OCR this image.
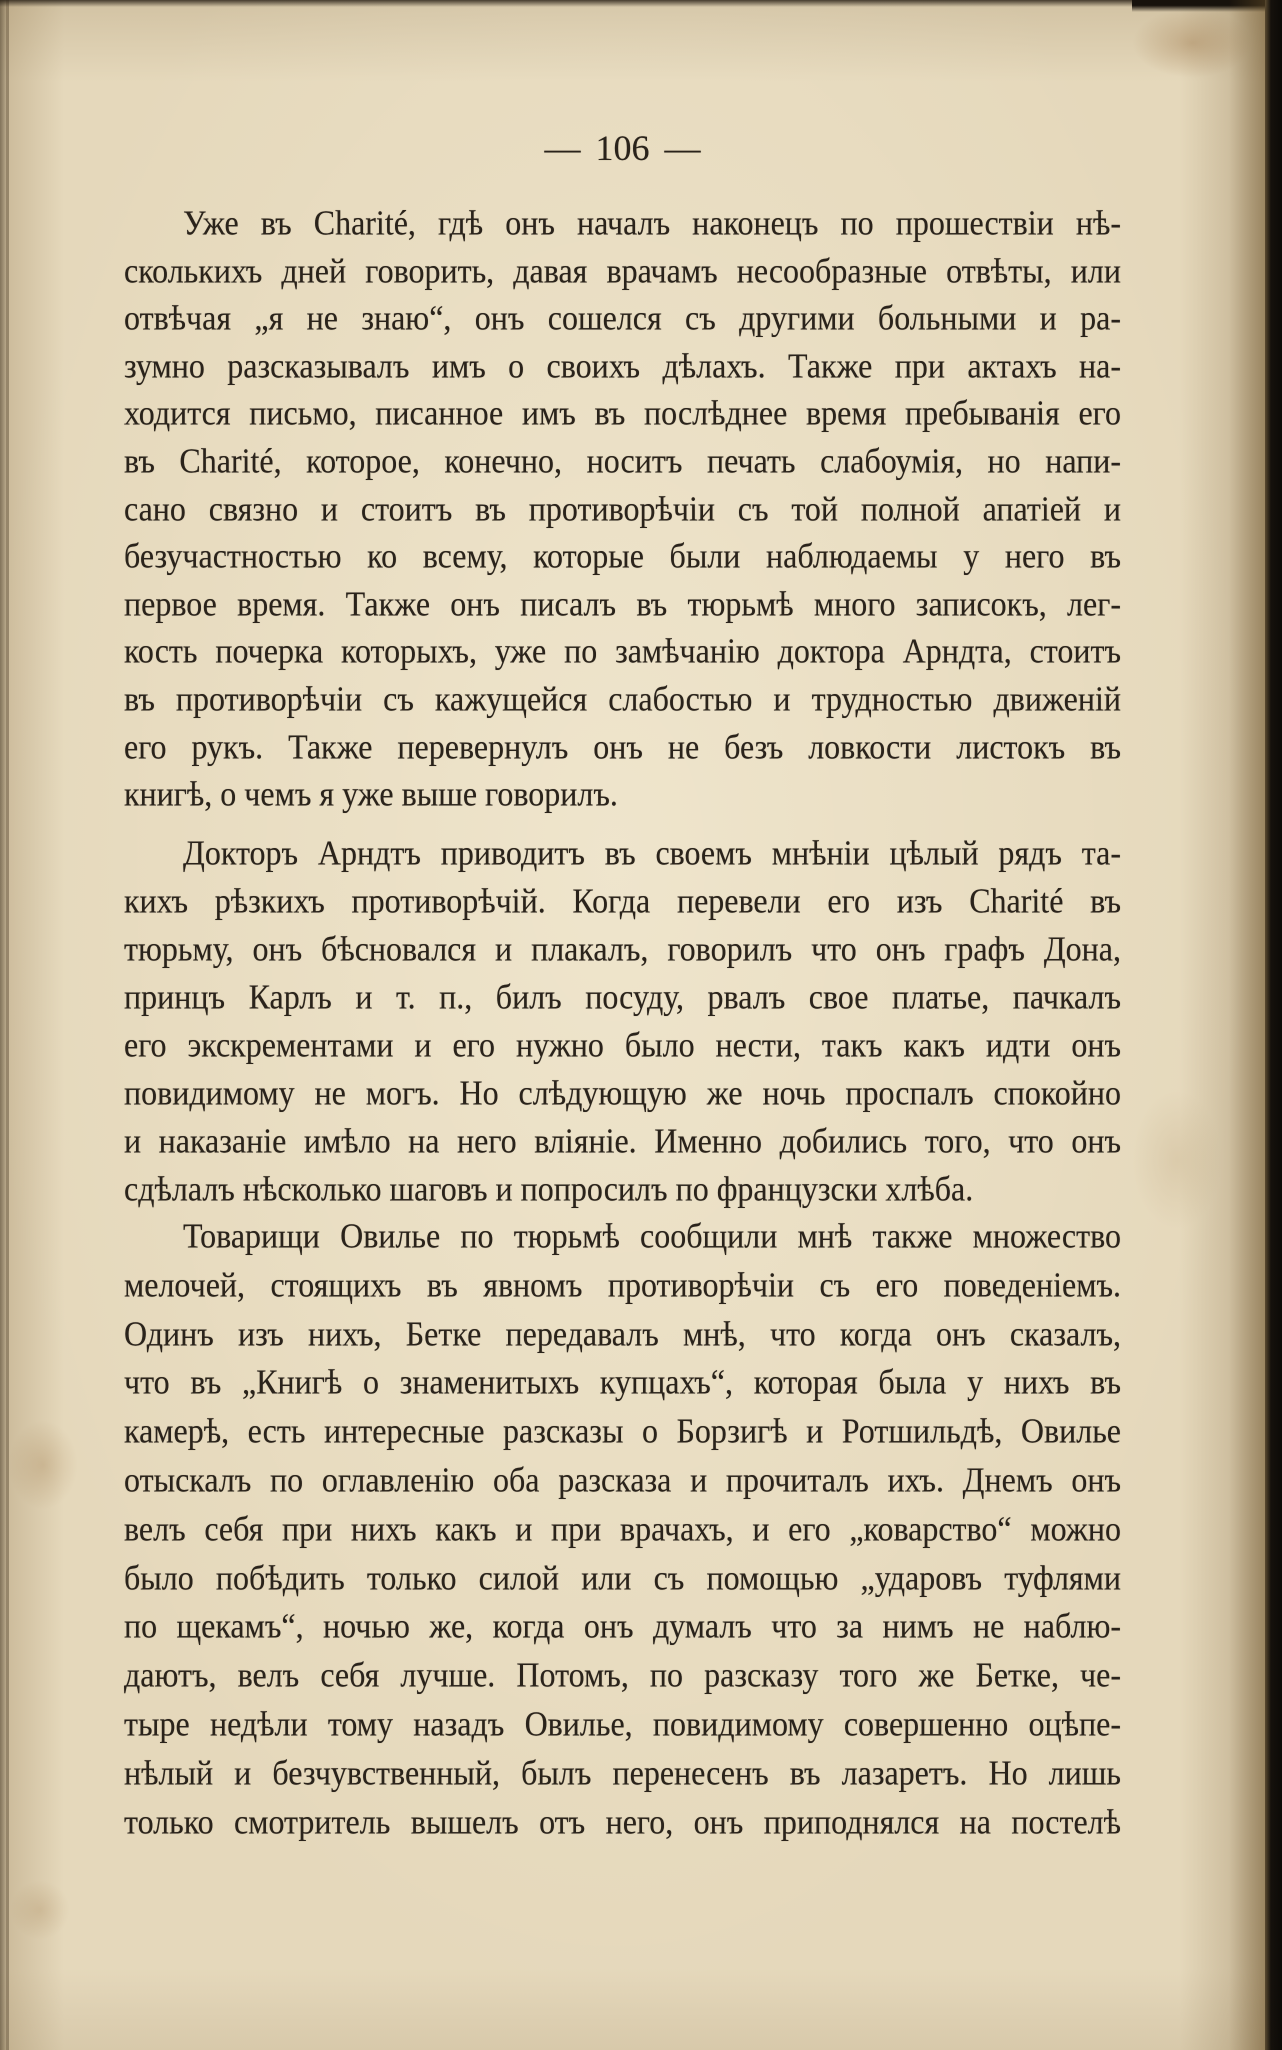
— 106 —
Уже въ Charité, гдѣ онъ началъ наконецъ по прошествіи нѣ-
сколькихъ дней говорить, давая врачамъ несообразные отвѣты, или
отвѣчая „я не знаю“, онъ сошелся съ другими больными и ра-
зумно разсказывалъ имъ о своихъ дѣлахъ. Также при актахъ на-
ходится письмо, писанное имъ въ послѣднее время пребыванія его
въ Charité, которое, конечно, носитъ печать слабоумія, но напи-
сано связно и стоитъ въ противорѣчіи съ той полной апатіей и
безучастностью ко всему, которые были наблюдаемы у него въ
первое время. Также онъ писалъ въ тюрьмѣ много записокъ, лег-
кость почерка которыхъ, уже по замѣчанію доктора Арндта, стоитъ
въ противорѣчіи съ кажущейся слабостью и трудностью движеній
его рукъ. Также перевернулъ онъ не безъ ловкости листокъ въ
книгѣ, о чемъ я уже выше говорилъ.
Докторъ Арндтъ приводитъ въ своемъ мнѣніи цѣлый рядъ та-
кихъ рѣзкихъ противорѣчій. Когда перевели его изъ Charité въ
тюрьму, онъ бѣсновался и плакалъ, говорилъ что онъ графъ Дона,
принцъ Карлъ и т. п., билъ посуду, рвалъ свое платье, пачкалъ
его экскрементами и его нужно было нести, такъ какъ идти онъ
повидимому не могъ. Но слѣдующую же ночь проспалъ спокойно
и наказаніе имѣло на него вліяніе. Именно добились того, что онъ
сдѣлалъ нѣсколько шаговъ и попросилъ по французски хлѣба.
Товарищи Овилье по тюрьмѣ сообщили мнѣ также множество
мелочей, стоящихъ въ явномъ противорѣчіи съ его поведеніемъ.
Одинъ изъ нихъ, Бетке передавалъ мнѣ, что когда онъ сказалъ,
что въ „Книгѣ о знаменитыхъ купцахъ“, которая была у нихъ въ
камерѣ, есть интересные разсказы о Борзигѣ и Ротшильдѣ, Овилье
отыскалъ по оглавленію оба разсказа и прочиталъ ихъ. Днемъ онъ
велъ себя при нихъ какъ и при врачахъ, и его „коварство“ можно
было побѣдить только силой или съ помощью „ударовъ туфлями
по щекамъ“, ночью же, когда онъ думалъ что за нимъ не наблю-
даютъ, велъ себя лучше. Потомъ, по разсказу того же Бетке, че-
тыре недѣли тому назадъ Овилье, повидимому совершенно оцѣпе-
нѣлый и безчувственный, былъ перенесенъ въ лазаретъ. Но лишь
только смотритель вышелъ отъ него, онъ приподнялся на постелѣ
